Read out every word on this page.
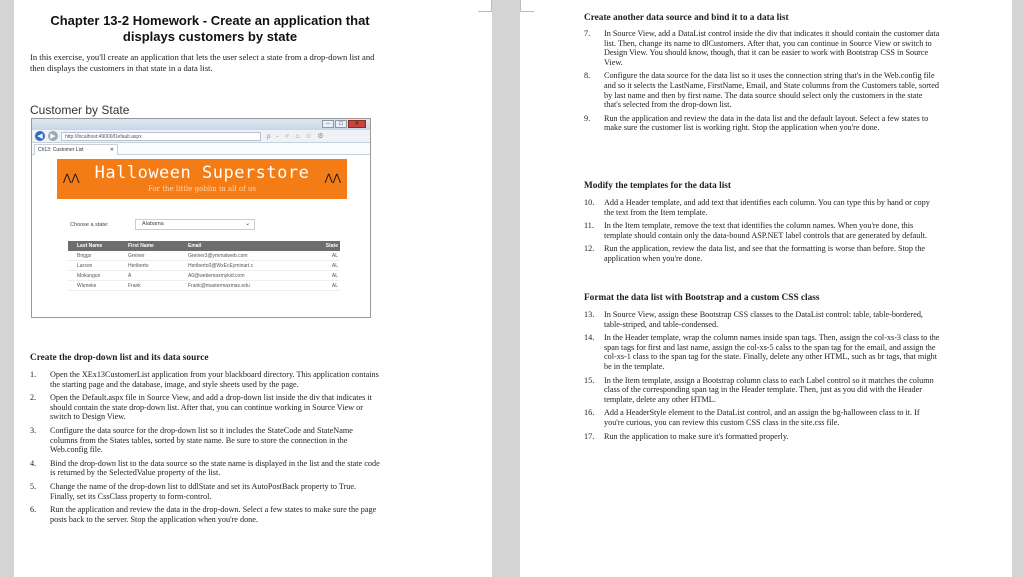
Chapter 13-2 Homework - Create an application that displays customers by state
In this exercise, you'll create an application that lets the user select a state from a drop-down list and then displays the customers in that state in a data list.
Customer by State
–	□	✕
◀	▶	http://localhost:49000/Default.aspx	ρ - ♂ ⌂ ☆ ⚙
Ch13: Customer List	✕
⋀⋀	⋀⋀
Halloween Superstore
For the little goblin in all of us
Choose a state:	Alabama	⌄
Last Name	First Name	Email	State
Briggs	Greiner	Greiner3@ymmatweb.com	AL
Larson	Heriberto	Heriberto0@WxEcEyminart.c	AL
Mokungun	A	A0@webemaxmykid.com	AL
Wieneke	Frank	Frank@mastermaxmax.edu	AL
Create the drop-down list and its data source
1.	Open the XEx13CustomerList application from your blackboard directory. This application contains the starting page and the database, image, and style sheets used by the page.
2.	Open the Default.aspx file in Source View, and add a drop-down list inside the div that indicates it should contain the state drop-down list. After that, you can continue working in Source View or switch to Design View.
3.	Configure the data source for the drop-down list so it includes the StateCode and StateName columns from the States tables, sorted by state name. Be sure to store the connection in the Web.config file.
4.	Bind the drop-down list to the data source so the state name is displayed in the list and the state code is returned by the SelectedValue property of the list.
5.	Change the name of the drop-down list to ddlState and set its AutoPostBack property to True. Finally, set its CssClass property to form-control.
6.	Run the application and review the data in the drop-down. Select a few states to make sure the page posts back to the server. Stop the application when you're done.
Create another data source and bind it to a data list
7.	In Source View, add a DataList control inside the div that indicates it should contain the customer data list. Then, change its name to dlCustomers. After that, you can continue in Source View or switch to Design View. You should know, though, that it can be easier to work with Bootstrap CSS in Source View.
8.	Configure the data source for the data list so it uses the connection string that's in the Web.config file and so it selects the LastName, FirstName, Email, and State columns from the Customers table, sorted by last name and then by first name. The data source should select only the customers in the state that's selected from the drop-down list.
9.	Run the application and review the data in the data list and the default layout. Select a few states to make sure the customer list is working right. Stop the application when you're done.
Modify the templates for the data list
10.	Add a Header template, and add text that identifies each column. You can type this by hand or copy the text from the Item template.
11.	In the Item template, remove the text that identifies the column names. When you're done, this template should contain only the data-bound ASP.NET label controls that are generated by default.
12.	Run the application, review the data list, and see that the formatting is worse than before. Stop the application when you're done.
Format the data list with Bootstrap and a custom CSS class
13.	In Source View, assign these Bootstrap CSS classes to the DataList control: table, table-bordered, table-striped, and table-condensed.
14.	In the Header template, wrap the column names inside span tags. Then, assign the col-xs-3 class to the span tags for first and last name, assign the col-xs-5 calss to the span tag for the email, and assign the col-xs-1 class to the span tag for the state. Finally, delete any other HTML, such as br tags, that might be in the template.
15.	In the Item template, assign a Bootstrap column class to each Label control so it matches the column class of the corresponding span tag in the Header template. Then, just as you did with the Header template, delete any other HTML.
16.	Add a HeaderStyle element to the DataList control, and an assign the bg-halloween class to it. If you're curious, you can review this custom CSS class in the site.css file.
17.	Run the application to make sure it's formatted properly.
